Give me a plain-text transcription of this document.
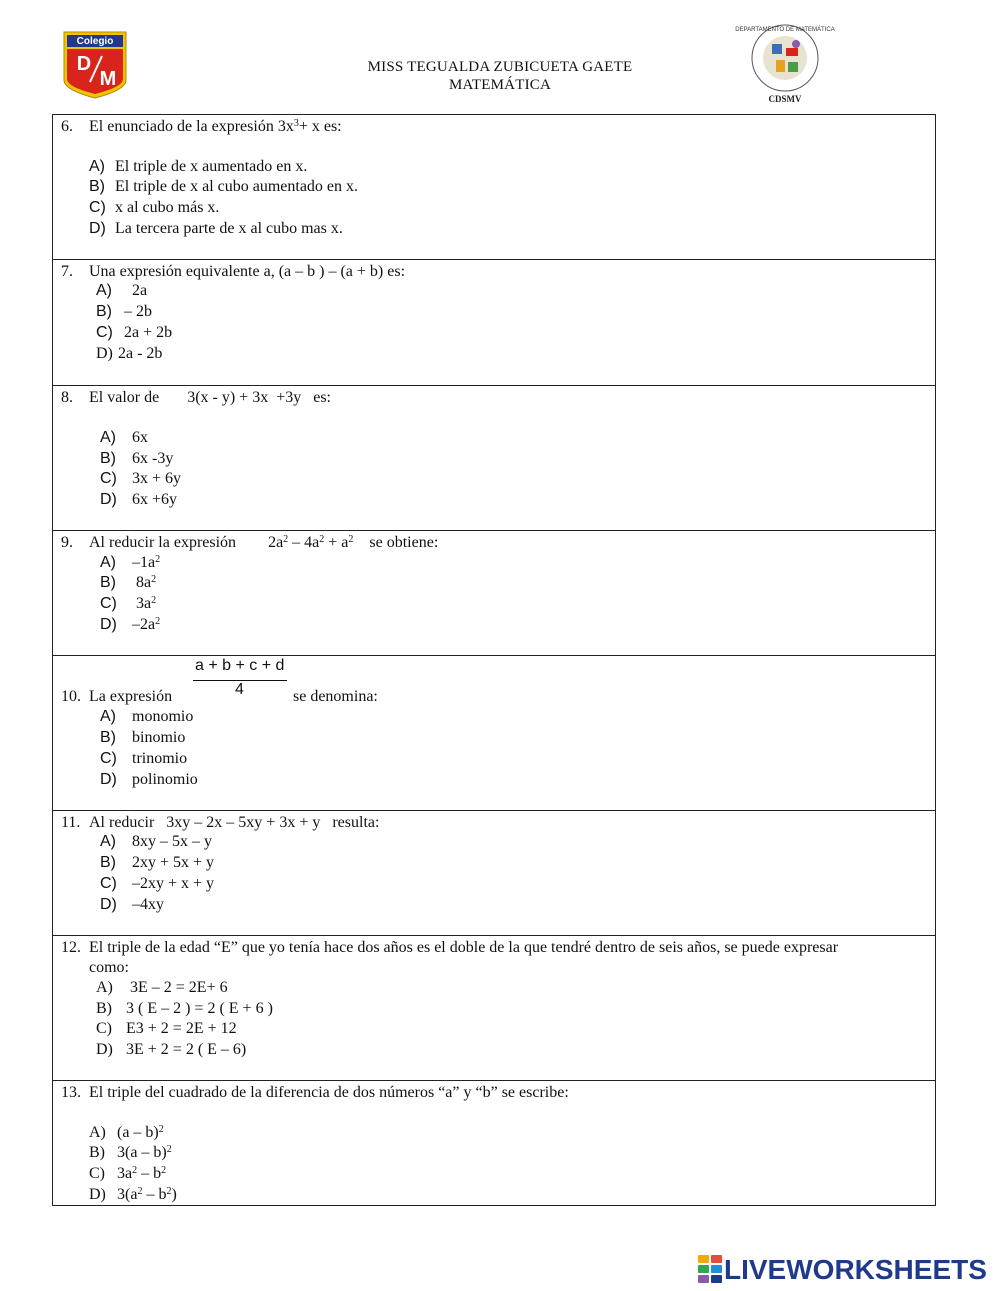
Colegio
D
M
MISS TEGUALDA ZUBICUETA GAETE
MATEMÁTICA
DEPARTAMENTO DE MATEMÁTICA
CDSMV
6. El enunciado de la expresión $3x^3+ x$ es:
A) El triple de x aumentado en x.
B) El triple de x al cubo aumentado en x.
C) x al cubo más x.
D) La tercera parte de x al cubo mas x.
7. Una expresión equivalente a, (a – b ) – (a + b) es:
A) 2a
B) – 2b
C) 2a + 2b
D) 2a - 2b
8. El valor de       3(x - y) + 3x  +3y   es:
A) 6x
B) 6x -3y
C) 3x + 6y
D) 6x +6y
9. Al reducir la expresión $2a^2 - 4a^2 + a^2$ se obtiene:
A) $-1a^2$
B) $8a^2$
C) $3a^2$
D) $-2a^2$
a + b + c + d
4
10. La expresión	se denomina:
A) monomio
B) binomio
C) trinomio
D) polinomio
11. Al reducir   3xy – 2x – 5xy + 3x + y   resulta:
A) 8xy – 5x – y
B) 2xy + 5x + y
C) –2xy + x + y
D) –4xy
12. El triple de la edad “E” que yo tenía hace dos años es el doble de la que tendré dentro de seis años, se puede expresar
como:
A) 3E – 2 = 2E+ 6
B) 3 ( E – 2 ) = 2 ( E + 6 )
C) E3 + 2 = 2E + 12
D) 3E + 2 = 2 ( E – 6)
13. El triple del cuadrado de la diferencia de dos números “a” y “b” se escribe:
A) (a – b)$^2$
B) 3(a – b)$^2$
C) $3a^2 - b^2$
D) $3(a^2 - b^2)$
LIVEWORKSHEETS
